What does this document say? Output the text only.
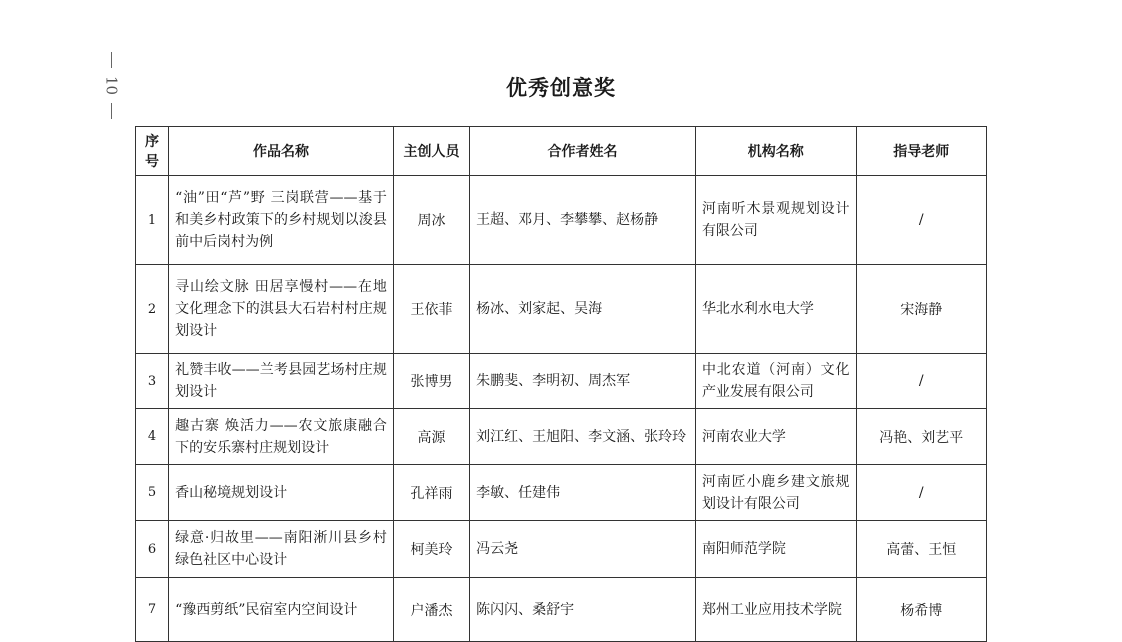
10	优秀创意奖
序号	作品名称	主创人员	合作者姓名	机构名称	指导老师
1	“油”田“芦”野 三岗联营——基于和美乡村政策下的乡村规划以浚县前中后岗村为例	周冰	王超、邓月、李攀攀、赵杨静	河南听木景观规划设计有限公司	/
2	寻山绘文脉 田居享慢村——在地文化理念下的淇县大石岩村村庄规划设计	王依菲	杨冰、刘家起、吴海	华北水利水电大学	宋海静
3	礼赞丰收——兰考县园艺场村庄规划设计	张博男	朱鹏斐、李明初、周杰军	中北农道（河南）文化产业发展有限公司	/
4	趣古寨 焕活力——农文旅康融合下的安乐寨村庄规划设计	高源	刘江红、王旭阳、李文涵、张玲玲	河南农业大学	冯艳、刘艺平
5	香山秘境规划设计	孔祥雨	李敏、任建伟	河南匠小鹿乡建文旅规划设计有限公司	/
6	绿意·归故里——南阳淅川县乡村绿色社区中心设计	柯美玲	冯云尧	南阳师范学院	高蕾、王恒
7	“豫西剪纸”民宿室内空间设计	户潘杰	陈闪闪、桑舒宇	郑州工业应用技术学院	杨希博
